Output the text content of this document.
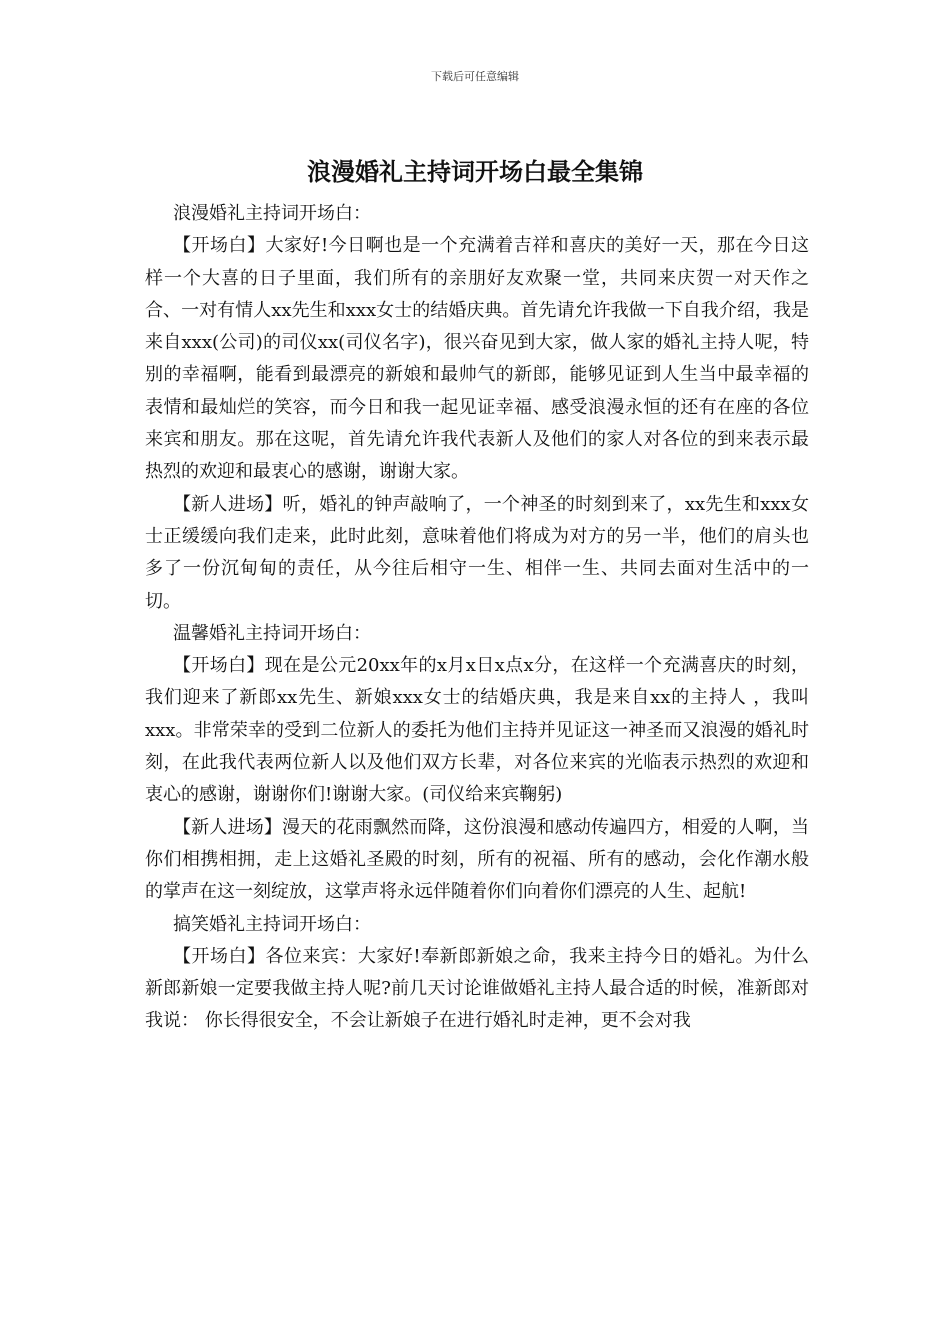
下载后可任意编辑
浪漫婚礼主持词开场白最全集锦

浪漫婚礼主持词开场白：

【开场白】大家好!今日啊也是一个充满着吉祥和喜庆的美好一天，那在今日这样一个大喜的日子里面，我们所有的亲朋好友欢聚一堂，共同来庆贺一对天作之合、一对有情人xx先生和xxx女士的结婚庆典。首先请允许我做一下自我介绍，我是来自xxx(公司)的司仪xx(司仪名字)，很兴奋见到大家，做人家的婚礼主持人呢，特别的幸福啊，能看到最漂亮的新娘和最帅气的新郎，能够见证到人生当中最幸福的表情和最灿烂的笑容，而今日和我一起见证幸福、感受浪漫永恒的还有在座的各位来宾和朋友。那在这呢，首先请允许我代表新人及他们的家人对各位的到来表示最热烈的欢迎和最衷心的感谢，谢谢大家。

【新人进场】听，婚礼的钟声敲响了，一个神圣的时刻到来了，xx先生和xxx女士正缓缓向我们走来，此时此刻，意味着他们将成为对方的另一半，他们的肩头也多了一份沉甸甸的责任，从今往后相守一生、相伴一生、共同去面对生活中的一切。

温馨婚礼主持词开场白：

【开场白】现在是公元20xx年的x月x日x点x分，在这样一个充满喜庆的时刻，我们迎来了新郎xx先生、新娘xxx女士的结婚庆典，我是来自xx的主持人 ，我叫xxx。非常荣幸的受到二位新人的委托为他们主持并见证这一神圣而又浪漫的婚礼时刻，在此我代表两位新人以及他们双方长辈，对各位来宾的光临表示热烈的欢迎和衷心的感谢，谢谢你们!谢谢大家。(司仪给来宾鞠躬)

【新人进场】漫天的花雨飘然而降，这份浪漫和感动传遍四方，相爱的人啊，当你们相携相拥，走上这婚礼圣殿的时刻，所有的祝福、所有的感动，会化作潮水般的掌声在这一刻绽放，这掌声将永远伴随着你们向着你们漂亮的人生、起航!

搞笑婚礼主持词开场白：

【开场白】各位来宾：大家好!奉新郎新娘之命，我来主持今日的婚礼。为什么新郎新娘一定要我做主持人呢?前几天讨论谁做婚礼主持人最合适的时候，准新郎对我说： 你长得很安全，不会让新娘子在进行婚礼时走神，更不会对我
